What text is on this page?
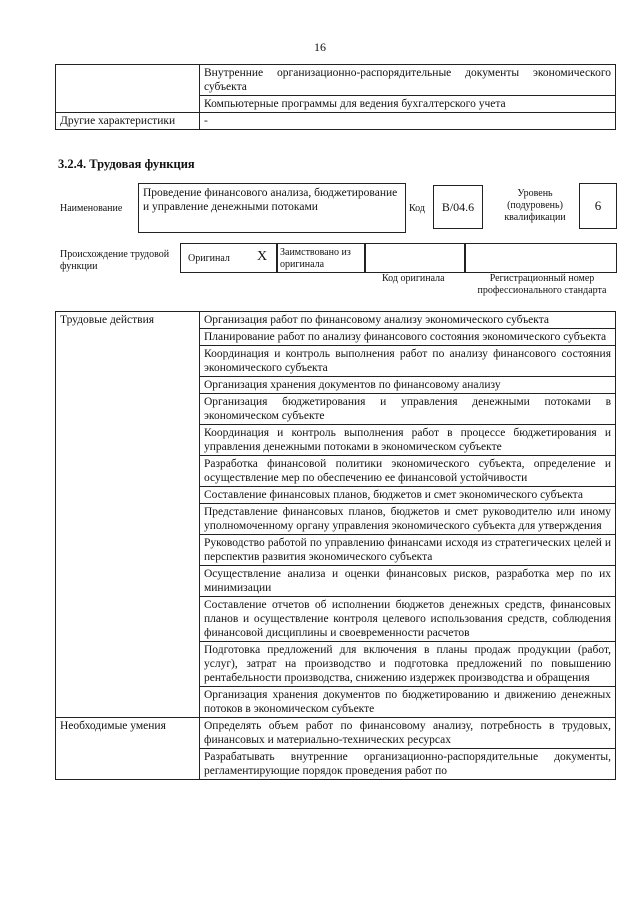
16
	Внутренние организационно-распорядительные документы экономического субъекта
	Компьютерные программы для ведения бухгалтерского учета
Другие характеристики	-
3.2.4. Трудовая функция
Наименование
Проведение финансового анализа, бюджетирование и управление денежными потоками	Код	B/04.6
Уровень (подуровень) квалификации
6
Происхождение трудовой функции
Оригинал X Заимствовано из оригинала
Код оригинала	Регистрационный номер профессионального стандарта
Трудовые действия	Организация работ по финансовому анализу экономического субъекта
	Планирование работ по анализу финансового состояния экономического субъекта
	Координация и контроль выполнения работ по анализу финансового состояния экономического субъекта
	Организация хранения документов по финансовому анализу
	Организация бюджетирования и управления денежными потоками в экономическом субъекте
	Координация и контроль выполнения работ в процессе бюджетирования и управления денежными потоками в экономическом субъекте
	Разработка финансовой политики экономического субъекта, определение и осуществление мер по обеспечению ее финансовой устойчивости
	Составление финансовых планов, бюджетов и смет экономического субъекта
	Представление финансовых планов, бюджетов и смет руководителю или иному уполномоченному органу управления экономического субъекта для утверждения
	Руководство работой по управлению финансами исходя из стратегических целей и перспектив развития экономического субъекта
	Осуществление анализа и оценки финансовых рисков, разработка мер по их минимизации
	Составление отчетов об исполнении бюджетов денежных средств, финансовых планов и осуществление контроля целевого использования средств, соблюдения финансовой дисциплины и своевременности расчетов
	Подготовка предложений для включения в планы продаж продукции (работ, услуг), затрат на производство и подготовка предложений по повышению рентабельности производства, снижению издержек производства и обращения
	Организация хранения документов по бюджетированию и движению денежных потоков в экономическом субъекте
Необходимые умения	Определять объем работ по финансовому анализу, потребность в трудовых, финансовых и материально-технических ресурсах
	Разрабатывать внутренние организационно-распорядительные документы, регламентирующие порядок проведения работ по
